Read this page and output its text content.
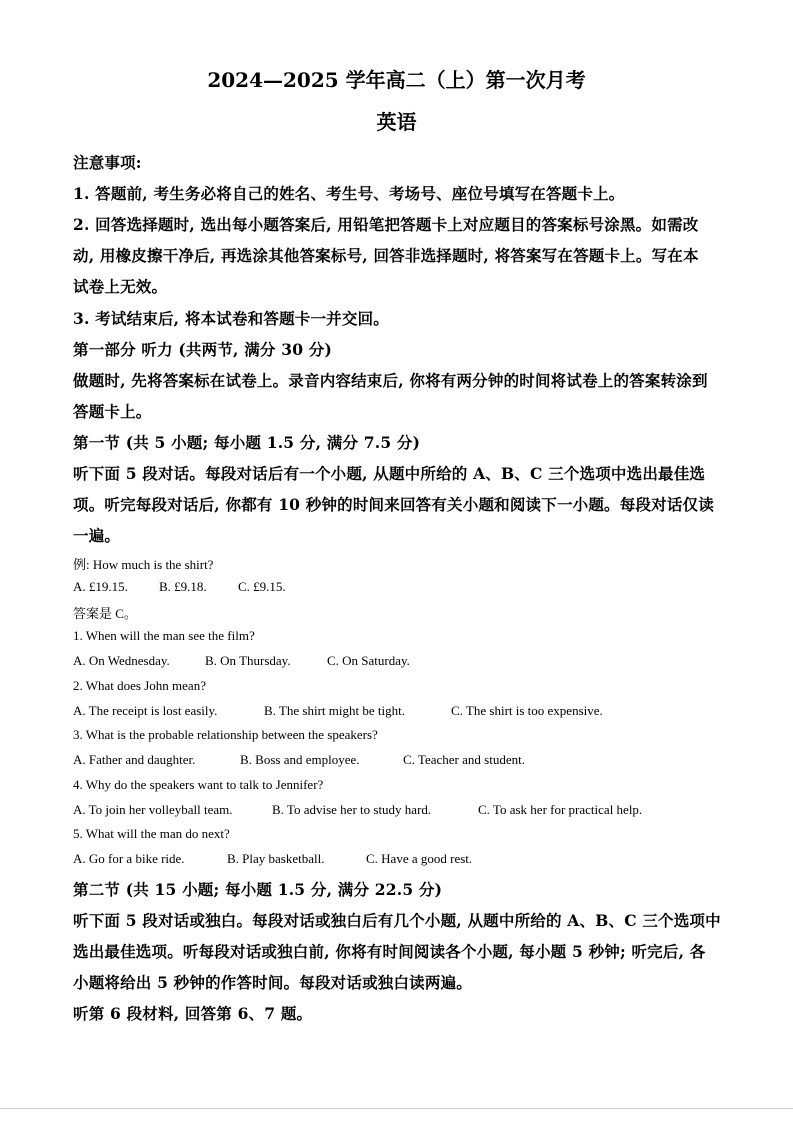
2024—2025 学年高二（上）第一次月考
英语
注意事项:
1. 答题前, 考生务必将自己的姓名、考生号、考场号、座位号填写在答题卡上。
2. 回答选择题时, 选出每小题答案后, 用铅笔把答题卡上对应题目的答案标号涂黑。如需改
动, 用橡皮擦干净后, 再选涂其他答案标号, 回答非选择题时, 将答案写在答题卡上。写在本
试卷上无效。
3. 考试结束后, 将本试卷和答题卡一并交回。
第一部分 听力 (共两节, 满分 30 分)
做题时, 先将答案标在试卷上。录音内容结束后, 你将有两分钟的时间将试卷上的答案转涂到
答题卡上。
第一节 (共 5 小题; 每小题 1.5 分, 满分 7.5 分)
听下面 5 段对话。每段对话后有一个小题, 从题中所给的 A、B、C 三个选项中选出最佳选
项。听完每段对话后, 你都有 10 秒钟的时间来回答有关小题和阅读下一小题。每段对话仅读
一遍。
例: How much is the shirt?
A. £19.15. B. £9.18. C. £9.15.
答案是 C。
1. When will the man see the film?
A. On Wednesday.	B. On Thursday.	C. On Saturday.
2. What does John mean?
A. The receipt is lost easily.	B. The shirt might be tight.	C. The shirt is too expensive.
3. What is the probable relationship between the speakers?
A. Father and daughter.	B. Boss and employee.	C. Teacher and student.
4. Why do the speakers want to talk to Jennifer?
A. To join her volleyball team.	B. To advise her to study hard.	C. To ask her for practical help.
5. What will the man do next?
A. Go for a bike ride.	B. Play basketball.	C. Have a good rest.
第二节 (共 15 小题; 每小题 1.5 分, 满分 22.5 分)
听下面 5 段对话或独白。每段对话或独白后有几个小题, 从题中所给的 A、B、C 三个选项中
选出最佳选项。听每段对话或独白前, 你将有时间阅读各个小题, 每小题 5 秒钟; 听完后, 各
小题将给出 5 秒钟的作答时间。每段对话或独白读两遍。
听第 6 段材料, 回答第 6、7 题。
